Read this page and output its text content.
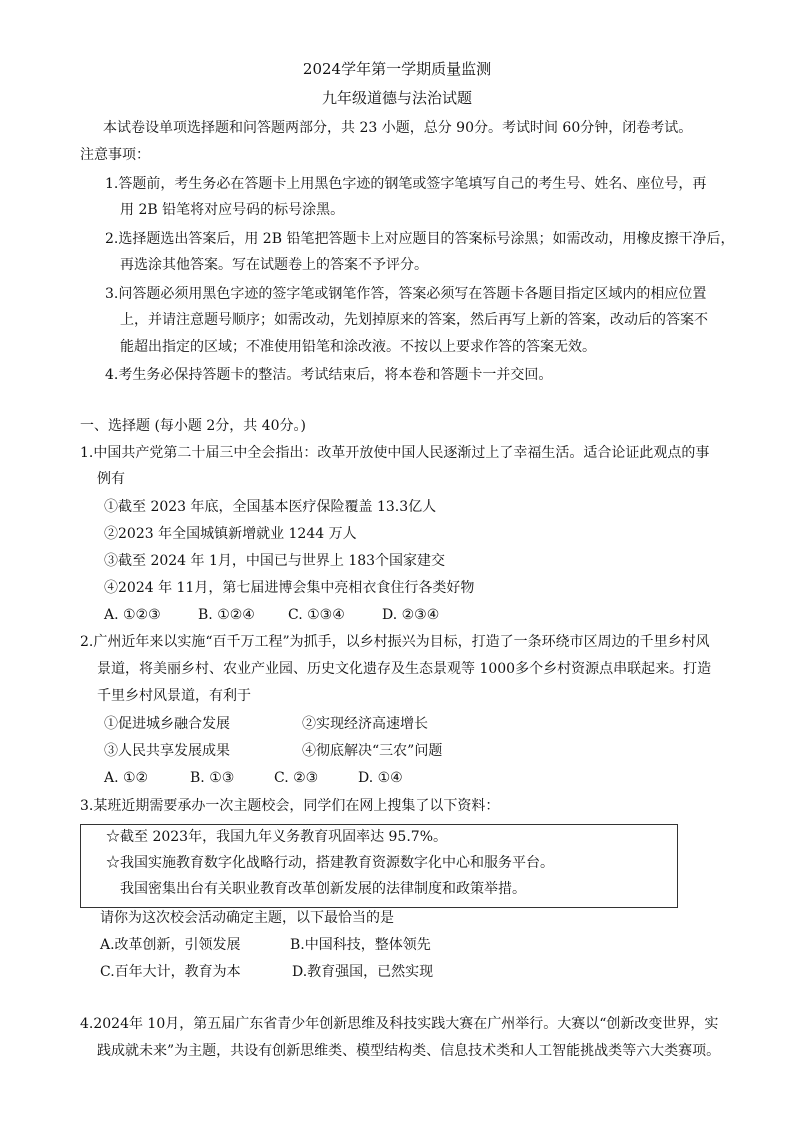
2024学年第一学期质量监测
九年级道德与法治试题
本试卷设单项选择题和问答题两部分，共 23 小题，总分 90分。考试时间 60分钟，闭卷考试。
注意事项：
1.答题前，考生务必在答题卡上用黑色字迹的钢笔或签字笔填写自己的考生号、姓名、座位号，再
用 2B 铅笔将对应号码的标号涂黑。
2.选择题选出答案后，用 2B 铅笔把答题卡上对应题目的答案标号涂黑；如需改动，用橡皮擦干净后，
再选涂其他答案。写在试题卷上的答案不予评分。
3.问答题必须用黑色字迹的签字笔或钢笔作答，答案必须写在答题卡各题目指定区域内的相应位置
上，并请注意题号顺序；如需改动，先划掉原来的答案，然后再写上新的答案，改动后的答案不
能超出指定的区域；不准使用铅笔和涂改液。不按以上要求作答的答案无效。
4.考生务必保持答题卡的整洁。考试结束后，将本卷和答题卡一并交回。
一、选择题 (每小题 2分，共 40分。)
1.中国共产党第二十届三中全会指出：改革开放使中国人民逐渐过上了幸福生活。适合论证此观点的事
例有
①截至 2023 年底，全国基本医疗保险覆盖 13.3亿人
②2023 年全国城镇新增就业 1244 万人
③截至 2024 年 1月，中国已与世界上 183个国家建交
④2024 年 11月，第七届进博会集中亮相衣食住行各类好物
A. ①②③	B. ①②④ C. ①③④	D. ②③④
2.广州近年来以实施“百千万工程”为抓手，以乡村振兴为目标，打造了一条环绕市区周边的千里乡村风
景道，将美丽乡村、农业产业园、历史文化遗存及生态景观等 1000多个乡村资源点串联起来。打造
千里乡村风景道，有利于
①促进城乡融合发展	②实现经济高速增长
③人民共享发展成果	④彻底解决“三农”问题
A. ①②	B. ①③	C. ②③	D. ①④
3.某班近期需要承办一次主题校会，同学们在网上搜集了以下资料：
☆截至 2023年，我国九年义务教育巩固率达 95.7%。
☆我国实施教育数字化战略行动，搭建教育资源数字化中心和服务平台。
我国密集出台有关职业教育改革创新发展的法律制度和政策举措。
请你为这次校会活动确定主题，以下最恰当的是
A.改革创新，引领发展	B.中国科技，整体领先
C.百年大计，教育为本	D.教育强国，已然实现
4.2024年 10月，第五届广东省青少年创新思维及科技实践大赛在广州举行。大赛以“创新改变世界，实
践成就未来”为主题，共设有创新思维类、模型结构类、信息技术类和人工智能挑战类等六大类赛项。
